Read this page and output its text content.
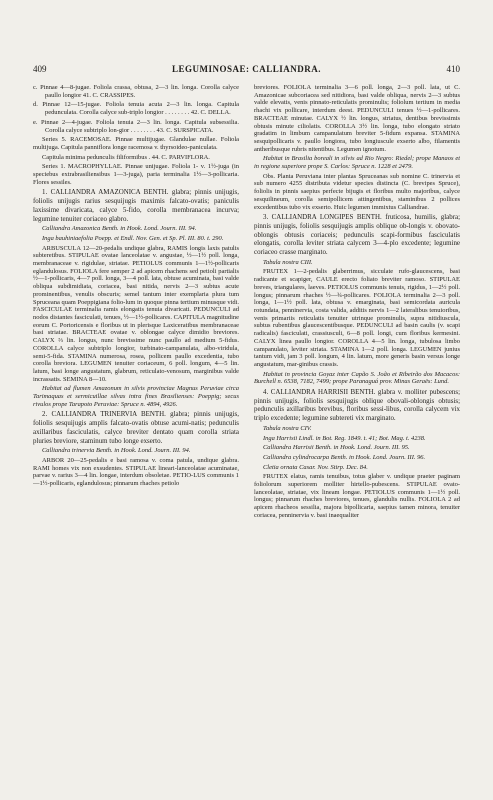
409	LEGUMINOSAE: CALLIANDRA.	410

c. Pinnae 4—8-jugae. Foliola crassa, obtusa, 2—3 lin. longa. Corolla calyce paullo longior 41. C. CRASSIPES.

d. Pinnae 12—15-jugae. Foliola tenuia acuta 2—3 lin. longa. Capitula pedunculata. Corolla calyce sub-triplo longior . . . . . . . . 42. C. DELLA.

e. Pinnae 2—4-jugae. Foliola tenuia 2—3 lin. longa. Capitula subsessilia. Corolla calyce subtriplo lon-gior . . . . . . . . 43. C. SURSPICATA.

Series 5. RACEMOSAE. Pinnae multijugae. Glandulae nullae. Foliola multijuga. Capitula panniflora longe racemosa v. thyrsoideo-paniculata.

Capitula minima pedunculis filiformibus . 44. C. PARVIFLORA.

Series 1. MACROPHYLLAE. Pinnae unijugae. Foliola 1- v. 1½-juga (in speciebus extrabrasiliensibus 1—3-juga), paria terminalia 1½—3-pollicaria. Flores sessiles.

1. CALLIANDRA AMAZONICA BENTH. glabra; pinnis unijugis, foliolis unijugis rarius sesquijugis maximis falcato-ovatis; paniculis laxissime divaricata, calyce 5-fido, corolla membranacea incurva; legumine tenuiter coriaceo glabro.

Calliandra Amazonica Benth. in Hook. Lond. Journ. III. 94.

Inga bauhiniaefolia Poepp. et Endl. Nov. Gen. et Sp. Pl. III. 80. t. 290.

ARBUSCULA 12—20-pedalis undique glabra, RAMIS longis laxis patulis subteretibus. STIPULAE ovatae lanceolatae v. angustae, ½—1½ poll. longa, membranaceae v. rigidulae, striatae. PETIOLUS communis 1—1½-pollicaris eglandulosus. FOLIOLA fere semper 2 ad apicem rhachens sed petioli partialis ½—1-pollicaris, 4—7 poll. longa, 3—4 poll. lata, obtuse acuminata, basi valde obliqua subdimidiata, coriacea, basi nitida, nervis 2—3 subtus acute prominentibus, venulis obscuris; semel tantum inter exemplaria plura tum Spruceana quam Poeppigiana folio-lum in quoque pinna tertium minusque vidi. FASCICULAE terminalia ramis elongatis tenuia divaricati. PEDUNCULI ad nodos distantes fasciculati, tenues, ½—1½-pollicares. CAPITULA magnitudine eorum C. Portoricensis e floribus ut in plerisque Laxiceratibus membranaceae basi striatae. BRACTEAE ovatae v. oblongae calyce dimidio breviores. CALYX ⅔ lin. longus, nunc brevissime nunc paullo ad medium 5-fidus. COROLLA calyce subtriplo longior, turbinato-campanulata, albo-viridula, semi-5-fida. STAMINA numerosa, rosea, pollicem paullo excedentia, tubo corolla breviora. LEGUMEN tenuiter coriaceum, 6 poll. longum, 4—5 lin. latum, basi longe angustatum, glabrum, reticulato-venosum, marginibus valde incrassatis. SEMINA 8—10.

Habitat ad flumen Amazonum in silvis provinciae Magnus Peruviae circa Tarimaquas et sermicuillae silvas intra fines Brasilienses: Poeppig; secus rivulos prope Tarapoto Peruviae: Spruce n. 4894, 4926.

2. CALLIANDRA TRINERVIA BENTH. glabra; pinnis unijugis, foliolis sesquijugis amplis falcato-ovatis obtuse acumi-natis; pedunculis axillaribus fasciculatis, calyce breviter dentato quam corolla striata pluries breviore, staminum tubo longe exserto.

Calliandra trinervia Benth. in Hook. Lond. Journ. III. 94.

ARBOR 20—25-pedalis e basi ramosa v. coma patula, undique glabra. RAMI homes vix non exsudentes. STIPULAE lineari-lanceolatae acuminatae, parvae v. rarius 3—4 lin. longae, interdum obsoletae. PETIO-LUS communis 1—1½-pollicaris, eglandulosus; pinnarum rhaches petiolo

breviores. FOLIOLA terminalia 3—6 poll. longa, 2—3 poll. lata, ut C. Amazonicae subcoriacea sed nitidiora, basi valde obliqua, nervis 2—3 subtus valde elevatis, venis pinnato-reticulatis prominulis; foliolum tertium in media rhachi vix pollicare, interdum deest. PEDUNCULI tenues ½—1-pollicares. BRACTEAE minutae. CALYX ½ lin. longus, striatus, dentibus brevissimis obtusis minute ciliolatis. COROLLA 3½ lin. longa, tubo elongato striato gradatim in limbum campanulatum breviter 5-fidum expansa. STAMINA sesquipollicaris v. paullo longiora, tubo longiuscule exserto albo, filamentis antheribusque rubris nitentibus. Legumen ignotum.

Habitat in Brasilia boreali in silvis ad Rio Negro: Riedel; prope Manaos et in regione superiore prope S. Carlos: Spruce n. 1228 et 2479.

Obs. Planta Peruviana inter plantas Spruceanas sub nomine C. trinervia et sub numero 4255 distributa videtur species distincta (C. brevipes Spruce), foliolis in pinnis saepius perfecte bijugis et floribus multo majoribus, calyce sesquilineum, corolla semipollicem attingentibus, staminibus 2 pollices excedentibus tubo vix exserto. Huic legumen immixtus Calliandrae.

3. CALLIANDRA LONGIPES BENTH. fruticosa, humilis, glabra; pinnis unijugis, foliolis sesquijugis amplis oblique ob-longis v. obovato-oblongis obtusis coriaceis; pedunculis scapi-formibus fasciculatis elongatis, corolla leviter striata calycem 3—4-plo excedente; legumine coriaceo crasse marginato.

Tabula nostra CIII.

FRUTEX 1—2-pedalis glaberrimus, sicculate rufo-glaucescens, basi radicante et scapiger, CAULE erecto foliato breviter ramoso. STIPULAE breves, triangulares, laeves. PETIOLUS communis tenuis, rigidus, 1—2½ poll. longus; pinnarum rhaches ½—¾-pollicares. FOLIOLA terminalia 2—3 poll. longa, 1—1½ poll. lata, obtusa v. emarginata, basi semicordata auricula rotundata, penninervia, costa valida, additis nervis 1—2 lateralibus tenuioribus, venis primariis reticulatis tenuiter utrinque prominulis, supra nitidiuscula, subtus rubentibus glaucescentibusque. PEDUNCULI ad basin caulis (v. scapi radicalis) fasciculati, crassiusculi, 6—8 poll. longi, cum floribus kermesini. CALYX linea paullo longior. COROLLA 4—5 lin. longa, tubulosa limbo campanulato, leviter striata. STAMINA 1—2 poll. longa. LEGUMEN junius tantum vidi, jam 3 poll. longum, 4 lin. latum, more generis basin versus longe angustatum, mar-ginibus crassis.

Habitat in provincia Goyaz inter Capão S. João et Ribeirão dos Macacos: Burchell n. 6538, 7182, 7499; prope Paranaguá prov. Minas Geraës: Lund.

4. CALLIANDRA HARRISII BENTH. glabra v. molliter pubescens; pinnis unijugis, foliolis sesquijugis oblique obovali-oblongis obtusis; pedunculis axillaribus brevibus, floribus sessi-libus, corolla calycem vix triplo excedente; legumine subtereti vix marginato.

Tabula nostra CIV.

Inga Harrisii Lindl. in Bot. Reg. 1849. t. 41; Bot. Mag. t. 4238.

Calliandra Harrisii Benth. in Hook. Lond. Journ. III. 95.

Calliandra cylindrocarpa Benth. in Hook. Lond. Journ. III. 96.

Cletia ornata Casar. Nov. Stirp. Dec. 84.

FRUTEX elatus, ramis tenuibus, totus glaber v. undique praeter paginam foliolorum superiorem molliter hirtello-pubescens. STIPULAE ovato-lanceolatae, striatae, vix lineam longae. PETIOLUS communis 1—1½ poll. longus; pinnarum rhaches breviores, tenues, glandulis nullis. FOLIOLA 2 ad apicem rhacheos sessilia, majora bipollicaria, saepius tamen minora, tenuiter coriacea, penninervia v. basi inaequaliter
